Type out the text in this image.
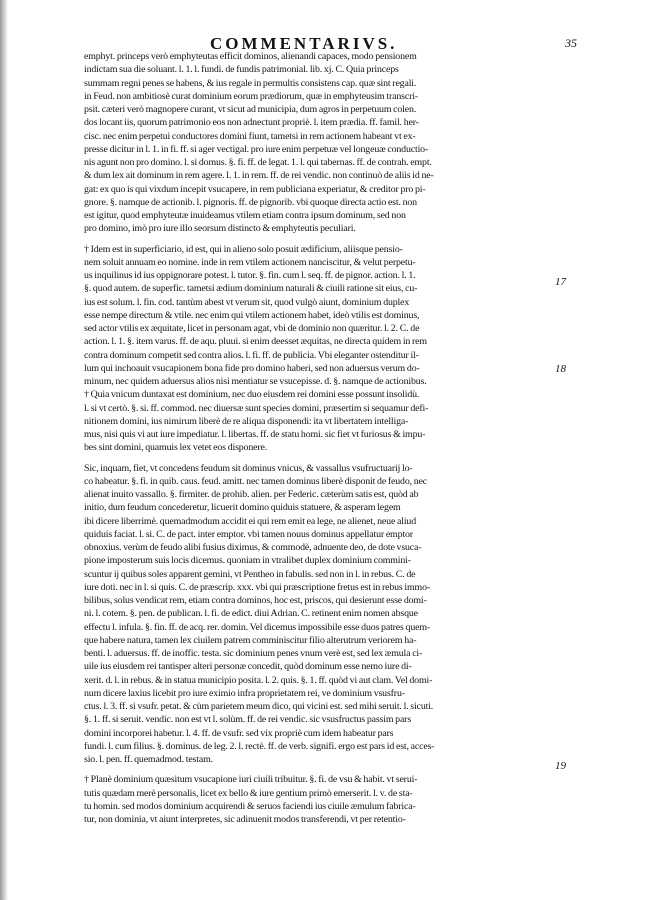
COMMENTARIVS.	35
emphyt. princeps verò emphyteutas efficit dominos, alienandi capaces, modo pensionem
indictam sua die soluant. l. 1. l. fundi. de fundis patrimonial. lib. xj. C. Quia princeps
summam regni penes se habens, & ius regale in permultis consistens cap. quæ sint regali.
in Feud. non ambitiosè curat dominium eorum prædiorum, quæ in emphyteusim transcri-
psit. cæteri verò magnopere curant, vt sicut ad municipia, dum agros in perpetuum colen.
dos locant iis, quorum patrimonio eos non adnectunt propriè. l. item prædia. ff. famil. her-
cisc. nec enim perpetui conductores domini fiunt, tametsi in rem actionem habeant vt ex-
presse dicitur in l. 1. in fi. ff. si ager vectigal. pro iure enim perpetuæ vel longeuæ conductio-
nis agunt non pro domino. l. si domus. §. fi. ff. de legat. 1. l. qui tabernas. ff. de contrah. empt.
& dum lex ait dominum in rem agere. l. 1. in rem. ff. de rei vendic. non continuò de aliis id ne-
gat: ex quo is qui vixdum incepit vsucapere, in rem publiciana experiatur, & creditor pro pi-
gnore. §. namque de actionib. l. pignoris. ff. de pignorib. vbi quoque directa actio est. non
est igitur, quod emphyteutæ inuideamus vtilem etiam contra ipsum dominum, sed non
pro domino, imò pro iure illo seorsum distincto & emphyteutis peculiari.
† Idem est in superficiario, id est, qui in alieno solo posuit ædificium, aliisque pensio-
nem soluit annuam eo nomine. inde in rem vtilem actionem nanciscitur, & velut perpetu-
us inquilinus id ius oppignorare potest. l. tutor. §. fin. cum l. seq. ff. de pignor. action. l. 1.
§. quod autem. de superfic. tametsi ædium dominium naturali & ciuili ratione sit eius, cu-
ius est solum. l. fin. cod. tantùm abest vt verum sit, quod vulgò aiunt, dominium duplex
esse nempe directum & vtile. nec enim qui vtilem actionem habet, ideò vtilis est dominus,
sed actor vtilis ex æquitate, licet in personam agat, vbi de dominio non quæritur. l. 2. C. de
action. l. 1. §. item varus. ff. de aqu. pluui. si enim deesset æquitas, ne directa quidem in rem
contra dominum competit sed contra alios. l. fi. ff. de publicia. Vbi eleganter ostenditur il-
lum qui inchoauit vsucapionem bona fide pro domino haberi, sed non aduersus verum do-
minum, nec quidem aduersus alios nisi mentiatur se vsucepisse. d. §. namque de actionibus.
† Quia vnicum duntaxat est dominium, nec duo eiusdem rei domini esse possunt insolidù.
l. si vt certò. §. si. ff. commod. nec diuersæ sunt species domini, præsertim si sequamur defi-
nitionem domini, ius nimirum liberè de re aliqua disponendi: ita vt libertatem intelliga-
mus, nisi quis vi aut iure impediatur. l. libertas. ff. de statu homi. sic fiet vt furiosus & impu-
bes sint domini, quamuis lex vetet eos disponere.
Sic, inquam, fiet, vt concedens feudum sit dominus vnicus, & vassallus vsufructuarij lo-
co habeatur. §. fi. in quib. caus. feud. amitt. nec tamen dominus liberè disponit de feudo, nec
alienat inuito vassallo. §. firmiter. de prohib. alien. per Federic. cæterùm satis est, quòd ab
initio, dum feudum concederetur, licuerit domino quiduis statuere, & asperam legem
ibi dicere liberrimè. quemadmodum accidit ei qui rem emit ea lege, ne alienet, neue aliud
quiduis faciat. l. si. C. de pact. inter emptor. vbi tamen nouus dominus appellatur emptor
obnoxius. verùm de feudo alibi fusius diximus, & commodè, adnuente deo, de dote vsuca-
pione imposterum suis locis dicemus. quoniam in vtralibet duplex dominium commini-
scuntur ij quibus soles apparent gemini, vt Pentheo in fabulis. sed non in l. in rebus. C. de
iure doti. nec in l. si quis. C. de præscrip. xxx. vbi qui præscriptione fretus est in rebus immo-
bilibus, solus vendicat rem, etiam contra dominos, hoc est, priscos, qui desierunt esse domi-
ni. l. cotem. §. pen. de publican. l. fi. de edict. diui Adrian. C. retinent enim nomen absque
effectu l. infula. §. fin. ff. de acq. rer. domin. Vel dicemus impossibile esse duos patres quem-
que habere natura, tamen lex ciuilem patrem comminiscitur filio alterutrum veriorem ha-
benti. l. aduersus. ff. de inoffic. testa. sic dominium penes vnum verè est, sed lex æmula ci-
uile ius eiusdem rei tantisper alteri personæ concedit, quòd dominum esse nemo iure di-
xerit. d. l. in rebus. & in statua municipio posita. l. 2. quis. §. 1. ff. quòd vi aut clam. Vel domi-
num dicere laxius licebit pro iure eximio infra proprietatem rei, ve dominium vsusfru-
ctus. l. 3. ff. si vsufr. petat. & cùm parietem meum dico, qui vicini est. sed mihi seruit. l. sicuti.
§. 1. ff. si seruit. vendic. non est vt l. solùm. ff. de rei vendic. sic vsusfructus passim pars
domini incorporei habetur. l. 4. ff. de vsufr. sed vix propriè cum idem habeatur pars
fundi. l. cum filius. §. dominus. de leg. 2. l. rectè. ff. de verb. signifi. ergo est pars id est, acces-
sio. l. pen. ff. quemadmod. testam.
† Planè dominium quæsitum vsucapione iuri ciuili tribuitur. §. fi. de vsu & habit. vt serui-
tutis quædam merè personalis, licet ex bello & iure gentium primò emerserit. l. v. de sta-
tu homin. sed modos dominium acquirendi & seruos faciendi ius ciuile æmulum fabrica-
tur, non dominia, vt aiunt interpretes, sic adinuenit modos transferendi, vt per retentio-
17
18
19
